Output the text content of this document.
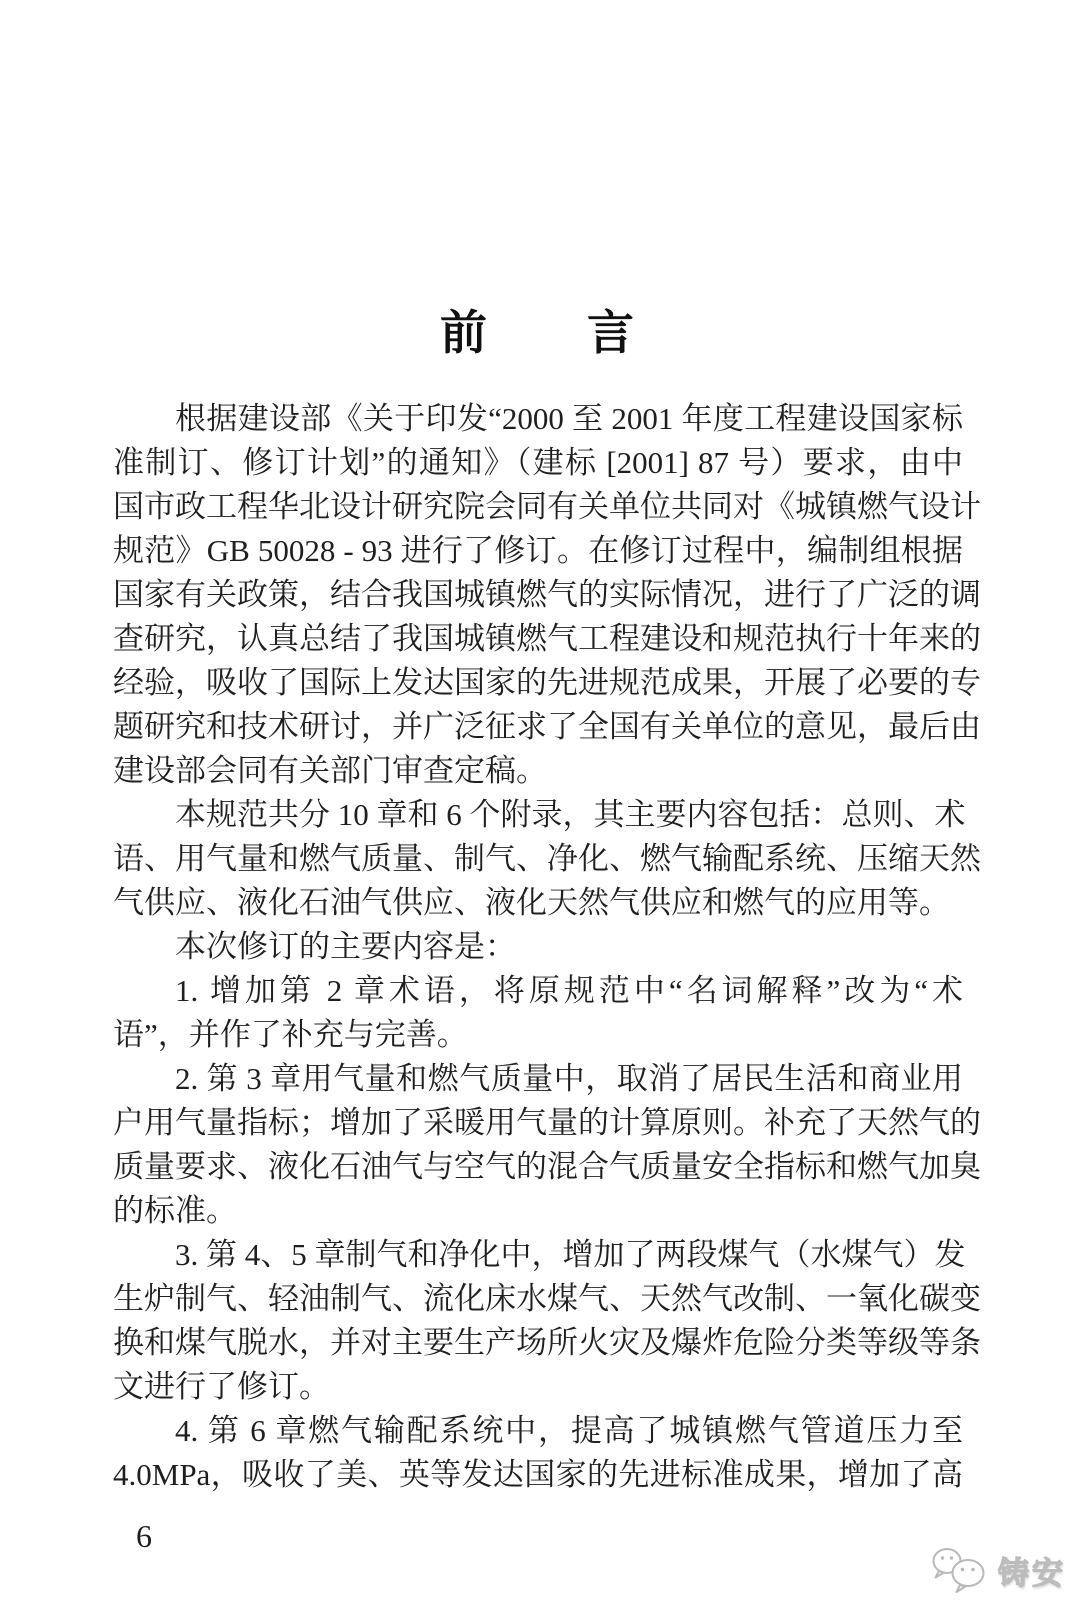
前　　言
根据建设部《关于印发“2000 至 2001 年度工程建设国家标
准制订、修订计划”的通知》（建标 [2001] 87 号）要求，由中
国市政工程华北设计研究院会同有关单位共同对《城镇燃气设计
规范》GB 50028 - 93 进行了修订。在修订过程中，编制组根据
国家有关政策，结合我国城镇燃气的实际情况，进行了广泛的调
查研究，认真总结了我国城镇燃气工程建设和规范执行十年来的
经验，吸收了国际上发达国家的先进规范成果，开展了必要的专
题研究和技术研讨，并广泛征求了全国有关单位的意见，最后由
建设部会同有关部门审查定稿。
本规范共分 10 章和 6 个附录，其主要内容包括：总则、术
语、用气量和燃气质量、制气、净化、燃气输配系统、压缩天然
气供应、液化石油气供应、液化天然气供应和燃气的应用等。
本次修订的主要内容是：
1. 增加第 2 章术语，将原规范中“名词解释”改为“术
语”，并作了补充与完善。
2. 第 3 章用气量和燃气质量中，取消了居民生活和商业用
户用气量指标；增加了采暖用气量的计算原则。补充了天然气的
质量要求、液化石油气与空气的混合气质量安全指标和燃气加臭
的标准。
3. 第 4、5 章制气和净化中，增加了两段煤气（水煤气）发
生炉制气、轻油制气、流化床水煤气、天然气改制、一氧化碳变
换和煤气脱水，并对主要生产场所火灾及爆炸危险分类等级等条
文进行了修订。
4. 第 6 章燃气输配系统中，提高了城镇燃气管道压力至
4.0MPa，吸收了美、英等发达国家的先进标准成果，增加了高
6
铸安
